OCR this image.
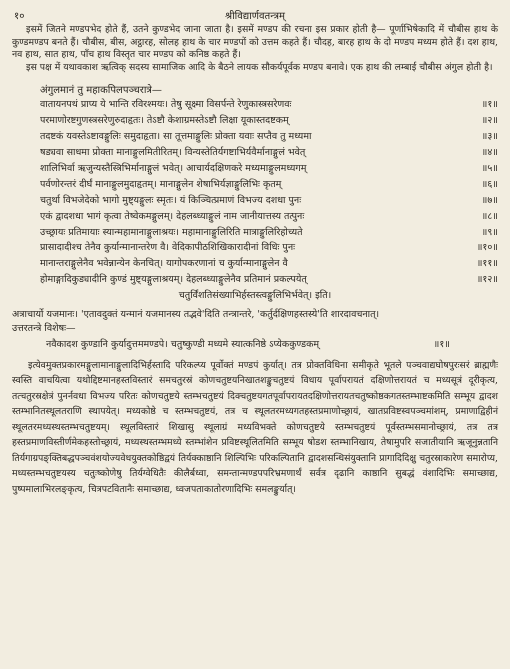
१०	श्रीविद्यार्णवतन्त्रम्

इसमें जितने मण्डपभेद होते हैं, उतने कुण्डभेद जाना जाता है। इसमें मण्डप की रचना इस प्रकार होती है— पूर्णाभिषेकादि में चौबीस हाथ के कुण्डमण्डप बनते हैं। चौबीस, बीस, अट्ठारह, सोलह हाथ के चार मण्डपों को उत्तम कहते हैं। चौदह, बारह हाथ के दो मण्डप मध्यम होते हैं। दश हाथ, नव हाथ, सात हाथ, पाँच हाथ विस्तृत चार मण्डप को कनिष्ठ कहते हैं।

इस पक्ष में यथावकाश ऋत्विक् सदस्य सामाजिक आदि के बैठने लायक सौकर्यपूर्वक मण्डप बनावे। एक हाथ की लम्बाई चौबीस अंगुल होती है।

अंगुलमानं तु महाकपिलपञ्चरात्रे—
वातायनपथं प्राप्य ये भान्ति रविरश्मयः। तेषु सूक्ष्मा विसर्पन्ते रेणुकास्त्रसरेणवः	॥१॥
परमाणोरष्टगुणस्त्रसरेणुरुदाहृतः। तेऽष्टौ केशाग्रमस्तेऽष्टौ लिक्षा यूकास्तदष्टकम्	॥२॥
तदष्टकं यवस्तेऽष्टावङ्गुलिः समुदाहृता। सा तूत्तमाङ्गुलिः प्रोक्ता यवाः सप्तैव तु मध्यमा	॥३॥
षड्यवा साधमा प्रोक्ता मानाङ्गुलमितीरितम्। विन्यस्तेतिर्यगष्टाभिर्यवैर्मानाङ्गुलं भवेत्	॥४॥
शालिभिर्वा ऋजुन्यस्तैस्त्रिभिर्मानाङ्गुलं भवेत्। आचार्यदक्षिणकरे मध्यमाङ्गुलमध्यगम्	॥५॥
पर्वणोरन्तरं दीर्घं मानाङ्गुलमुदाहृतम्। मानाङ्गुलेन शेषाभिर्यज्ञाङ्गुलिभिः कृतम्	॥६॥
चतुर्था विभजेदेको भागो मुष्ट्यङ्गुलः स्मृतः। यं किञ्चित्प्रमाणं विभज्य दशधा पुनः	॥७॥
एकं द्वादशधा भागं कृत्वा तेष्वेकमङ्गुलम्। देहलब्ध्याङ्गुलं नाम जानीयात्तस्य तत्पुनः	॥८॥
उच्छ्रायः प्रतिमायाः स्यान्महामानाङ्गुलाश्रयः। महामानाङ्गुलिरिति मात्राङ्गुलिरिहोच्यते	॥९॥
प्रासादादीश्च तेनैव कुर्यान्मानान्तरेण वै। वेदिकापीठशिखिकारादीनां विधिः पुनः	॥१०॥
मानान्तराङ्गुलेनैव भवेन्नान्येन केनचित्। यागोपकरणानां च कुर्यान्मानाङ्गुलेन वै	॥११॥
होमाङ्गादिकुड्यादीनि कुण्डं मुष्ट्यङ्गुलाश्रयम्। देहलब्ध्याङ्गुलेनैव प्रतिमानं प्रकल्पयेत्	॥१२॥
चतुर्विंशतिसंख्याभिर्हस्तस्त्वङ्गुलिभिर्भवेत्। इति।
अत्राचार्यो यजमानः। 'एतावदुक्तं यन्मानं यजमानस्य तद्भवे'दिति तन्त्रान्तरे, 'कर्तुर्दक्षिणहस्तस्ये'ति शारदावचनात्।
उत्तरतन्त्रे विशेषः—
नवैकादश कुण्डानि कुर्यादुत्तममण्डपे। चतुष्कुण्डी मध्यमे स्यात्कनिष्ठे ऽप्येककुण्डकम्	॥१॥

इत्येवमुक्तप्रकारमङ्गुलामानाङ्गुलादिभिर्हस्तादि परिकल्प्य पूर्वोक्तं मण्डपं कुर्यात्। तत्र प्रोक्तविधिना समीकृते भूतले पञ्चवाद्यघोषपुरःसरं ब्राह्मणैः स्वस्ति वाचयित्वा यथोद्दिष्टमानहस्तविस्तारं समचतुरस्रं कोणचतुष्टयनिखातशङ्कुचतुष्टयं विधाय पूर्वापरायतं दक्षिणोत्तरायतं च मध्यसूत्रं दूरीकृत्य, तत्चतुरस्रक्षेत्रं पुनर्नवधा विभज्य परितः कोणचतुष्टये स्तम्भचतुष्टयं दिक्चतुष्टयगतपूर्वापरायतदक्षिणोत्तरायतचतुष्कोष्ठकगतस्तम्भाष्टकमिति सम्भूय द्वादश स्तम्भानितस्थूलतराणि स्थापयेत्। मध्यकोष्ठे च स्तम्भचतुष्टयं, तत्र च स्थूलतरमध्यगतहस्तप्रमाणोच्छ्रायं, खातप्रविष्टस्वपञ्चमांशम्, प्रमाणाद्विहीनं स्थूलतरमध्यस्थस्तम्भचतुष्टयम्। स्थूलविस्तारं शिखासु स्थूलाग्रं मध्यविभक्ते कोणचतुष्टये स्तम्भचतुष्टयं पूर्वस्तम्भसमानोच्छ्रायं, तत्र तत्र हस्तप्रमाणविस्तीर्णमेकहस्तोच्छ्रायं, मध्यस्थस्तम्भमध्ये स्तम्भांशेन प्रविष्टस्थूलितमिति सम्भूय षोडश स्तम्भानिखाय, तेषामुपरि सजातीयानि ऋजूनुन्नतानि तिर्यगाग्रपङ्क्तिबद्धपञ्चवंशयोज्यवेधयुक्तकोष्ठिद्वयं तिर्यक्काष्ठानि शिल्पिभिः परिकल्पितानि द्वादशसन्धिसंयुक्तानि प्रागादिदिक्षु चतुरस्राकारेण समारोप्य, मध्यस्तम्भचतुष्टयस्य चतुःष्कोणेषु तिर्यग्वेधितैः कीलैर्बध्वा, समन्तान्मण्डपपरिभ्रमणार्थं सर्वत्र दृढानि काष्ठानि सुबद्धं वंशादिभिः समाच्छाद्य, पुष्पमालाभिरलङ्कृत्य, चित्रपटवितानैः समाच्छाद्य, ध्वजपताकातोरणादिभिः समलङ्कुर्यात्।
